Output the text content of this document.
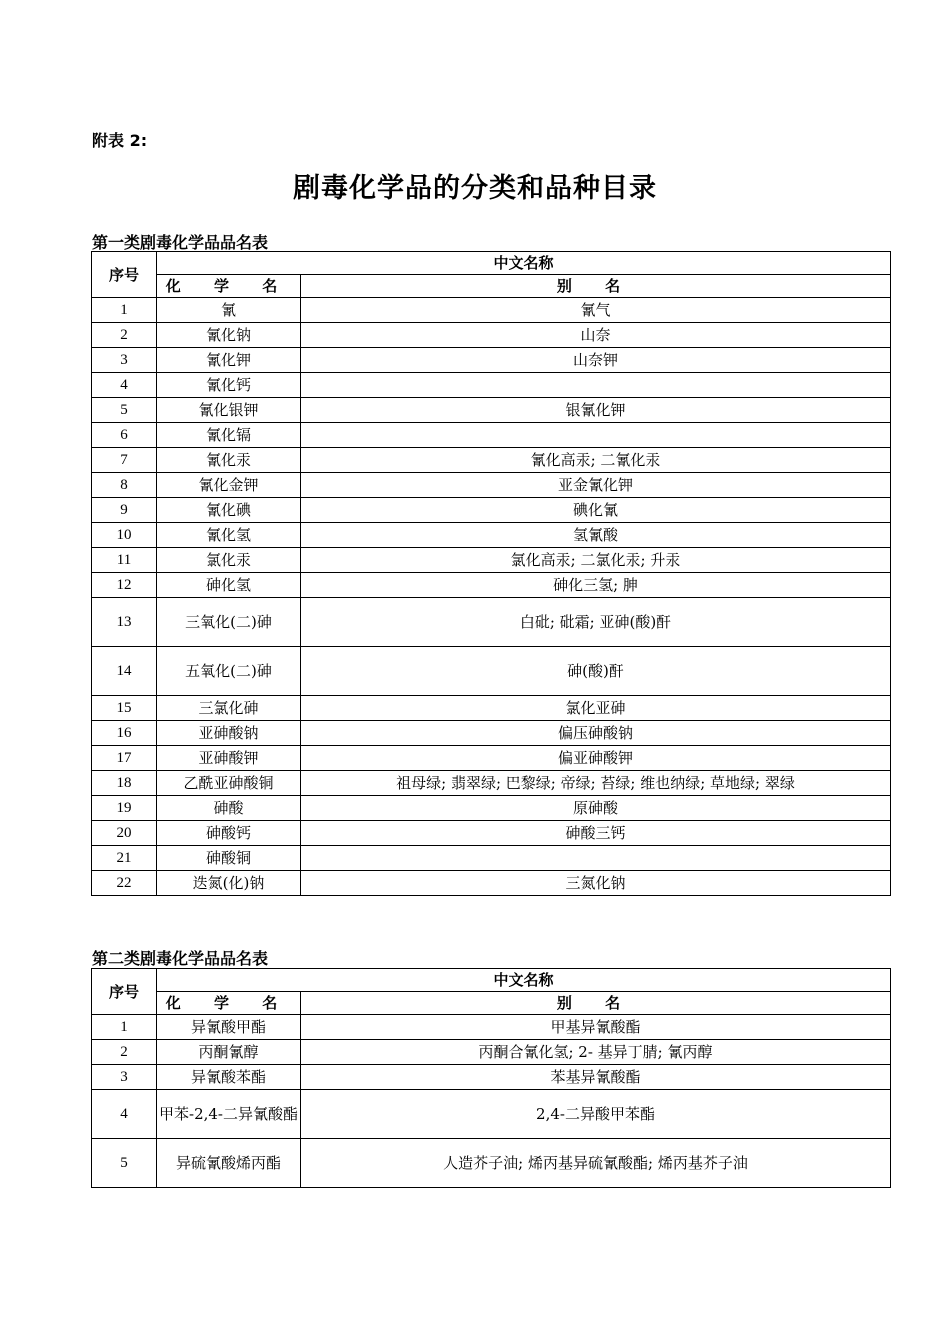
附表 2:
剧毒化学品的分类和品种目录
第一类剧毒化学品品名表
序号	中文名称	
	化 学 名	别 名
1	氰	氰气
2	氰化钠	山奈
3	氰化钾	山奈钾
4	氰化钙	
5	氰化银钾	银氰化钾
6	氰化镉	
7	氰化汞	氰化高汞; 二氰化汞
8	氰化金钾	亚金氰化钾
9	氰化碘	碘化氰
10	氰化氢	氢氰酸
11	氯化汞	氯化高汞; 二氯化汞; 升汞
12	砷化氢	砷化三氢; 胂
13	三氧化(二)砷	白砒; 砒霜; 亚砷(酸)酐
14	五氧化(二)砷	砷(酸)酐
15	三氯化砷	氯化亚砷
16	亚砷酸钠	偏压砷酸钠
17	亚砷酸钾	偏亚砷酸钾
18	乙酰亚砷酸铜	祖母绿; 翡翠绿; 巴黎绿; 帝绿; 苔绿; 维也纳绿; 草地绿; 翠绿
19	砷酸	原砷酸
20	砷酸钙	砷酸三钙
21	砷酸铜	
22	迭氮(化)钠	三氮化钠
第二类剧毒化学品品名表
序号	中文名称	
	化 学 名	别 名
1	异氰酸甲酯	甲基异氰酸酯
2	丙酮氰醇	丙酮合氰化氢; 2- 基异丁腈; 氰丙醇
3	异氰酸苯酯	苯基异氰酸酯
4	甲苯-2,4-二异氰酸酯	2,4-二异酸甲苯酯
5	异硫氰酸烯丙酯	人造芥子油; 烯丙基异硫氰酸酯; 烯丙基芥子油
